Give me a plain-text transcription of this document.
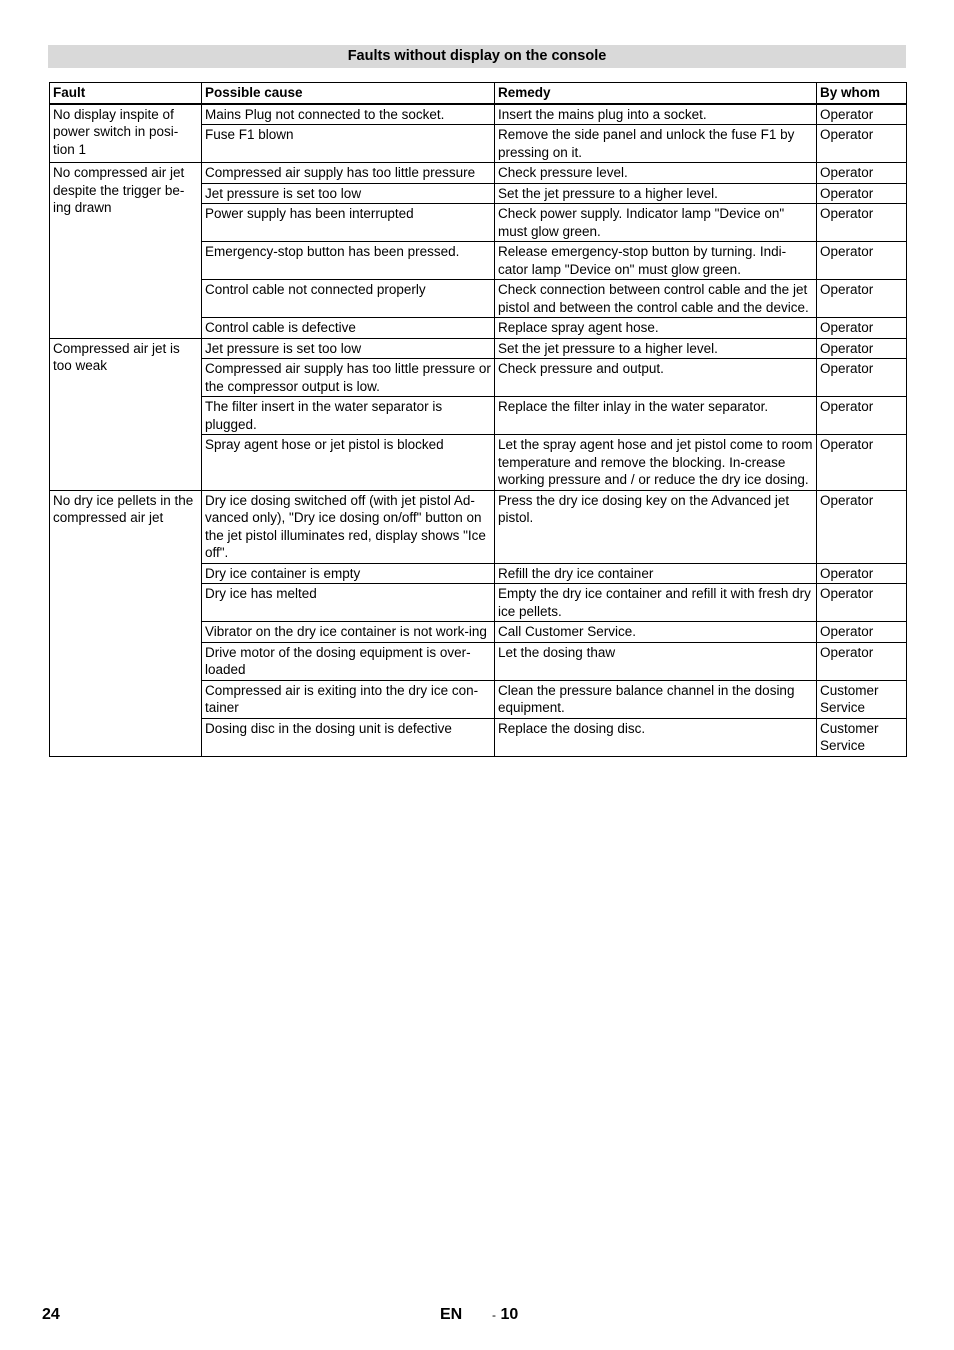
Faults without display on the console
Fault	Possible cause	Remedy	By whom
No display inspite of power switch in posi-tion 1	Mains Plug not connected to the socket.	Insert the mains plug into a socket.	Operator
	Fuse F1 blown	Remove the side panel and unlock the fuse F1 by pressing on it.	Operator
No compressed air jet despite the trigger be-ing drawn	Compressed air supply has too little pressure	Check pressure level.	Operator
	Jet pressure is set too low	Set the jet pressure to a higher level.	Operator
	Power supply has been interrupted	Check power supply. Indicator lamp "Device on" must glow green.	Operator
	Emergency-stop button has been pressed.	Release emergency-stop button by turning. Indi-cator lamp "Device on" must glow green.	Operator
	Control cable not connected properly	Check connection between control cable and the jet pistol and between the control cable and the device.	Operator
	Control cable is defective	Replace spray agent hose.	Operator
Compressed air jet is too weak	Jet pressure is set too low	Set the jet pressure to a higher level.	Operator
	Compressed air supply has too little pressure or the compressor output is low.	Check pressure and output.	Operator
	The filter insert in the water separator is plugged.	Replace the filter inlay in the water separator.	Operator
	Spray agent hose or jet pistol is blocked	Let the spray agent hose and jet pistol come to room temperature and remove the blocking. In-crease working pressure and / or reduce the dry ice dosing.	Operator
No dry ice pellets in the compressed air jet	Dry ice dosing switched off (with jet pistol Ad-vanced only), "Dry ice dosing on/off" button on the jet pistol illuminates red, display shows "Ice off".	Press the dry ice dosing key on the Advanced jet pistol.	Operator
	Dry ice container is empty	Refill the dry ice container	Operator
	Dry ice has melted	Empty the dry ice container and refill it with fresh dry ice pellets.	Operator
	Vibrator on the dry ice container is not work-ing	Call Customer Service.	Operator
	Drive motor of the dosing equipment is over-loaded	Let the dosing thaw	Operator
	Compressed air is exiting into the dry ice con-tainer	Clean the pressure balance channel in the dosing equipment.	Customer Service
	Dosing disc in the dosing unit is defective	Replace the dosing disc.	Customer Service
24	EN - 10
